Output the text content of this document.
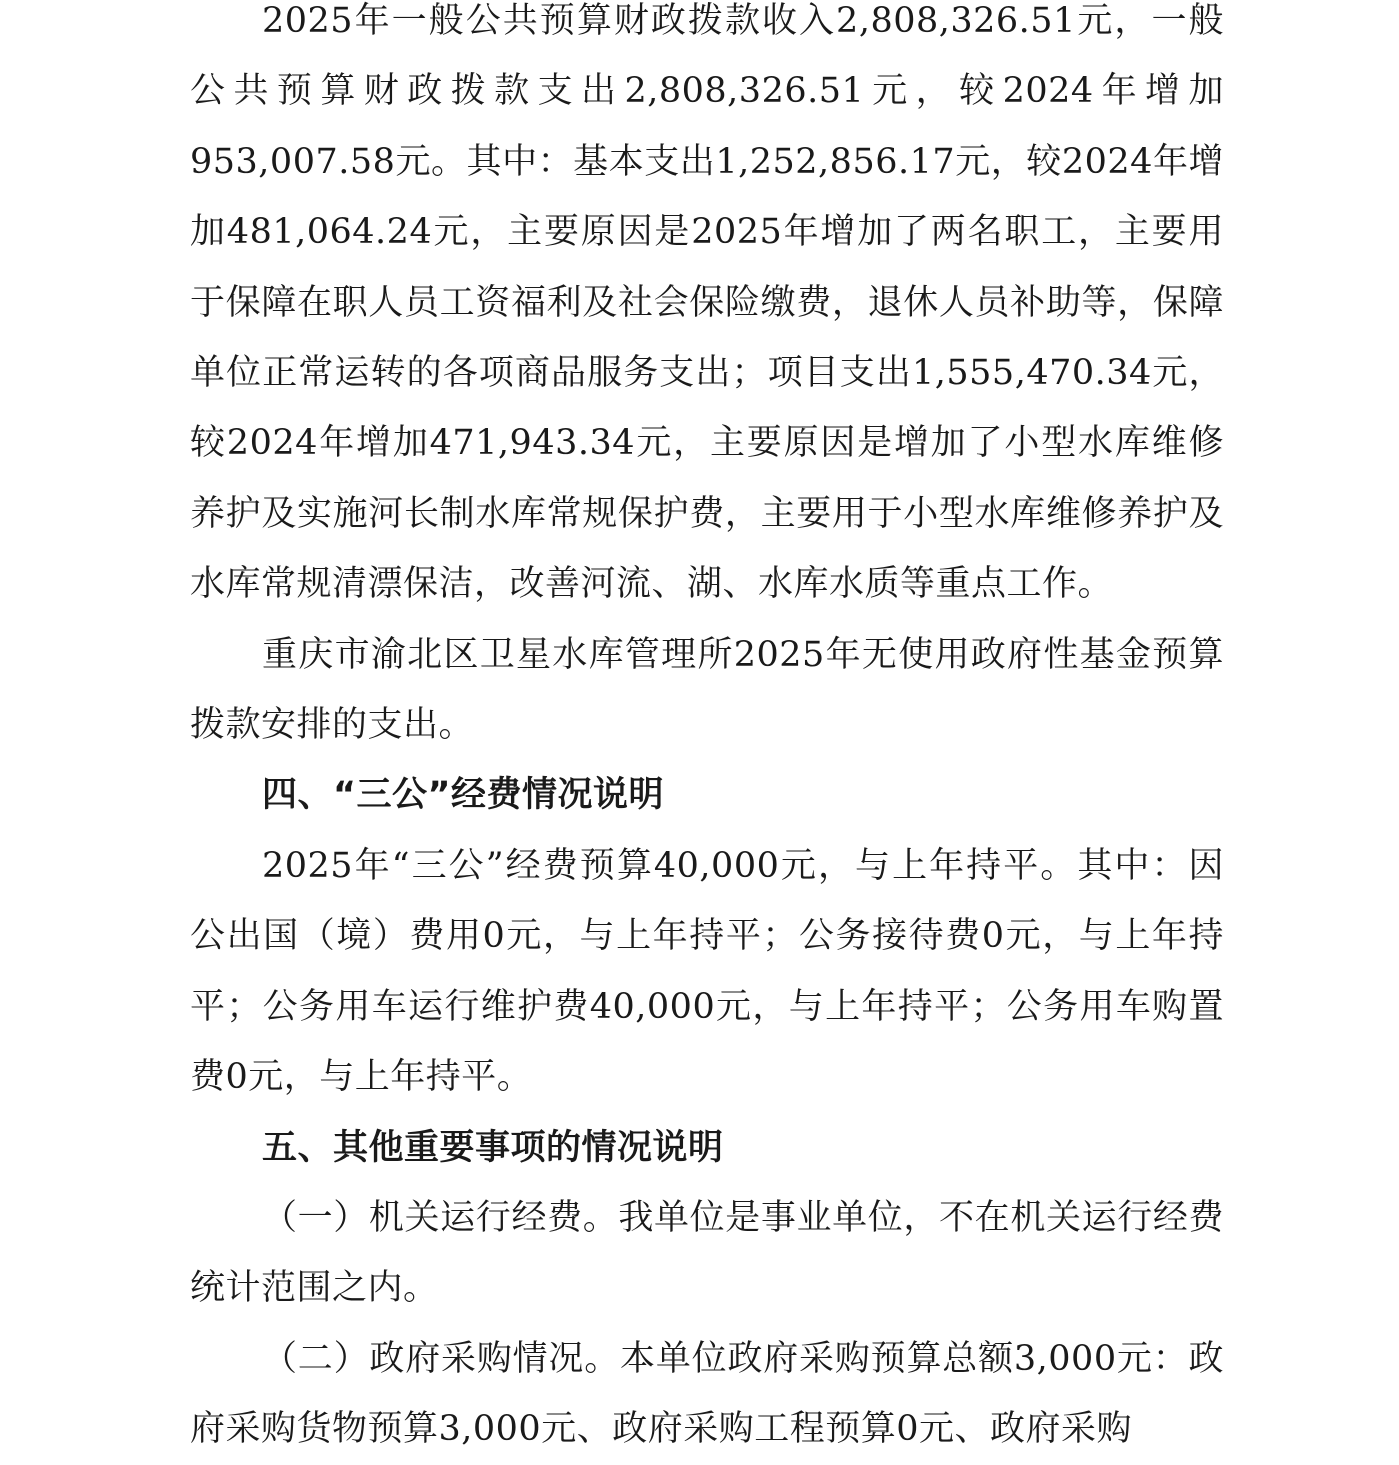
2025年一般公共预算财政拨款收入2,808,326.51元，一般公共预算财政拨款支出2,808,326.51元，较2024年增加953,007.58元。其中：基本支出1,252,856.17元，较2024年增加481,064.24元，主要原因是2025年增加了两名职工，主要用于保障在职人员工资福利及社会保险缴费，退休人员补助等，保障单位正常运转的各项商品服务支出；项目支出1,555,470.34元，较2024年增加471,943.34元，主要原因是增加了小型水库维修养护及实施河长制水库常规保护费，主要用于小型水库维修养护及水库常规清漂保洁，改善河流、湖、水库水质等重点工作。

重庆市渝北区卫星水库管理所2025年无使用政府性基金预算拨款安排的支出。

四、“三公”经费情况说明

2025年“三公”经费预算40,000元，与上年持平。其中：因公出国（境）费用0元，与上年持平；公务接待费0元，与上年持平；公务用车运行维护费40,000元，与上年持平；公务用车购置费0元，与上年持平。

五、其他重要事项的情况说明

（一）机关运行经费。我单位是事业单位，不在机关运行经费统计范围之内。

（二）政府采购情况。本单位政府采购预算总额3,000元：政府采购货物预算3,000元、政府采购工程预算0元、政府采购
